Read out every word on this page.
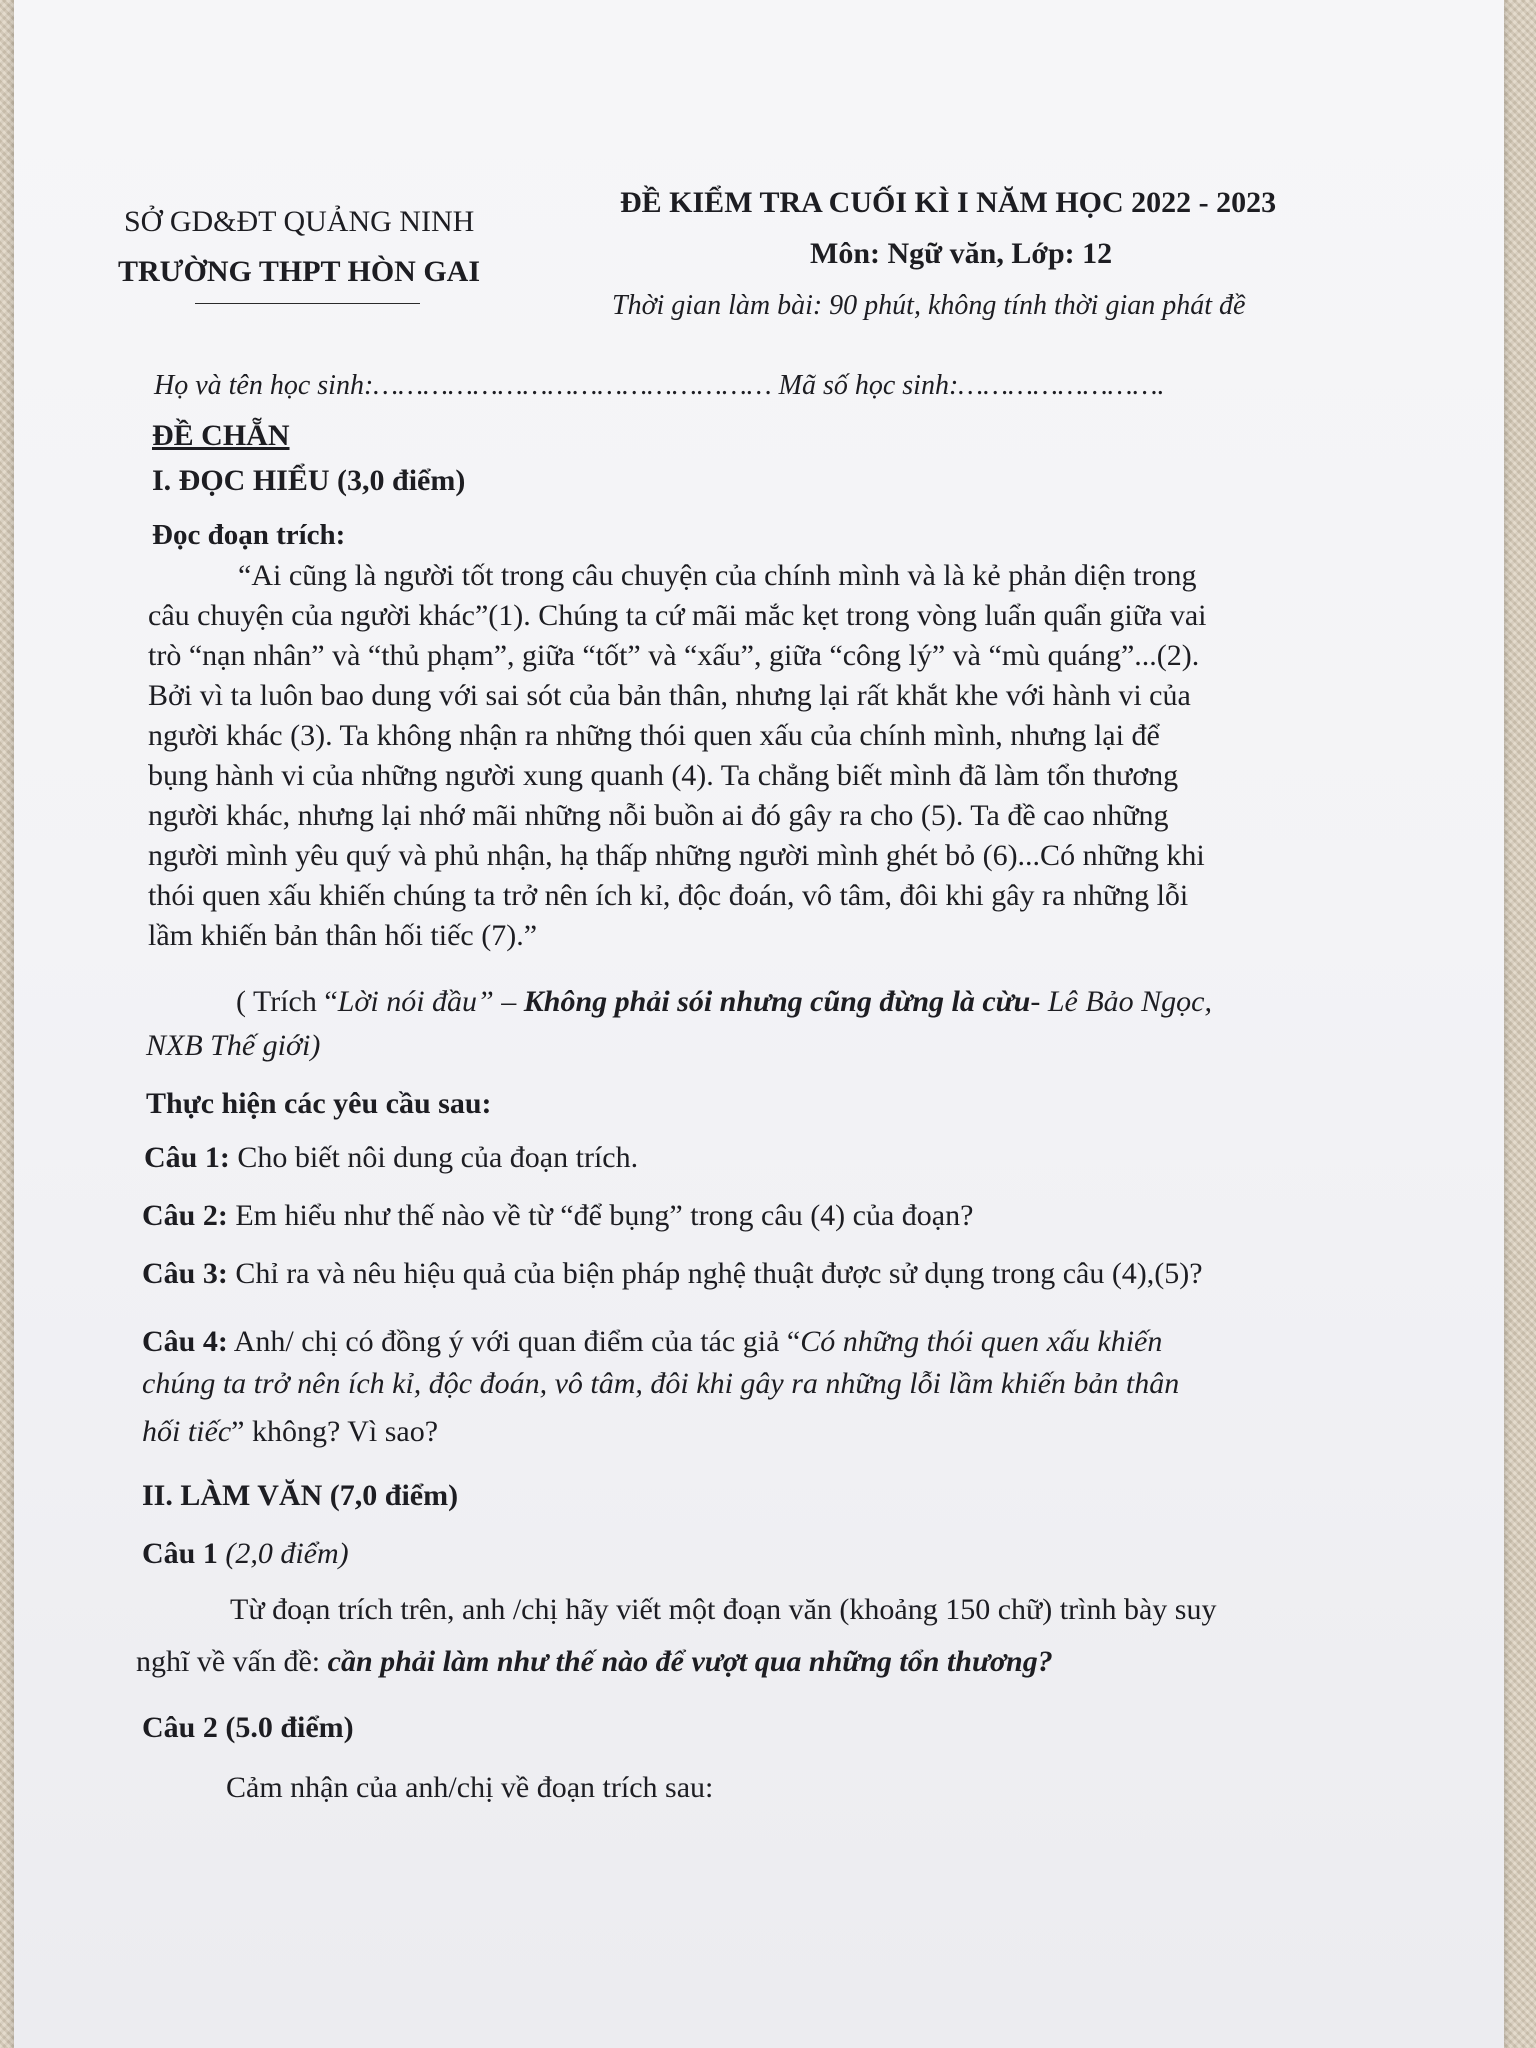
SỞ GD&ĐT QUẢNG NINH
TRƯỜNG THPT HÒN GAI
ĐỀ KIỂM TRA CUỐI KÌ I NĂM HỌC 2022 - 2023
Môn: Ngữ văn, Lớp: 12
Thời gian làm bài: 90 phút, không tính thời gian phát đề
Họ và tên học sinh:………………………………………… Mã số học sinh:…………………….
ĐỀ CHẴN
I. ĐỌC HIỂU (3,0 điểm)
Đọc đoạn trích:
“Ai cũng là người tốt trong câu chuyện của chính mình và là kẻ phản diện trong
câu chuyện của người khác”(1). Chúng ta cứ mãi mắc kẹt trong vòng luẩn quẩn giữa vai
trò “nạn nhân” và “thủ phạm”, giữa “tốt” và “xấu”, giữa “công lý” và “mù quáng”...(2).
Bởi vì ta luôn bao dung với sai sót của bản thân, nhưng lại rất khắt khe với hành vi của
người khác (3). Ta không nhận ra những thói quen xấu của chính mình, nhưng lại để
bụng hành vi của những người xung quanh (4). Ta chẳng biết mình đã làm tổn thương
người khác, nhưng lại nhớ mãi những nỗi buồn ai đó gây ra cho (5). Ta đề cao những
người mình yêu quý và phủ nhận, hạ thấp những người mình ghét bỏ (6)...Có những khi
thói quen xấu khiến chúng ta trở nên ích kỉ, độc đoán, vô tâm, đôi khi gây ra những lỗi
lầm khiến bản thân hối tiếc (7).”
( Trích “Lời nói đầu” – Không phải sói nhưng cũng đừng là cừu- Lê Bảo Ngọc,
NXB Thế giới)
Thực hiện các yêu cầu sau:
Câu 1: Cho biết nôi dung của đoạn trích.
Câu 2: Em hiểu như thế nào về từ “để bụng” trong câu (4) của đoạn?
Câu 3: Chỉ ra và nêu hiệu quả của biện pháp nghệ thuật được sử dụng trong câu (4),(5)?
Câu 4: Anh/ chị có đồng ý với quan điểm của tác giả “Có những thói quen xấu khiến
chúng ta trở nên ích kỉ, độc đoán, vô tâm, đôi khi gây ra những lỗi lầm khiến bản thân
hối tiếc” không? Vì sao?
II. LÀM VĂN (7,0 điểm)
Câu 1 (2,0 điểm)
Từ đoạn trích trên, anh /chị hãy viết một đoạn văn (khoảng 150 chữ) trình bày suy
nghĩ về vấn đề: cần phải làm như thế nào để vượt qua những tổn thương?
Câu 2 (5.0 điểm)
Cảm nhận của anh/chị về đoạn trích sau:
